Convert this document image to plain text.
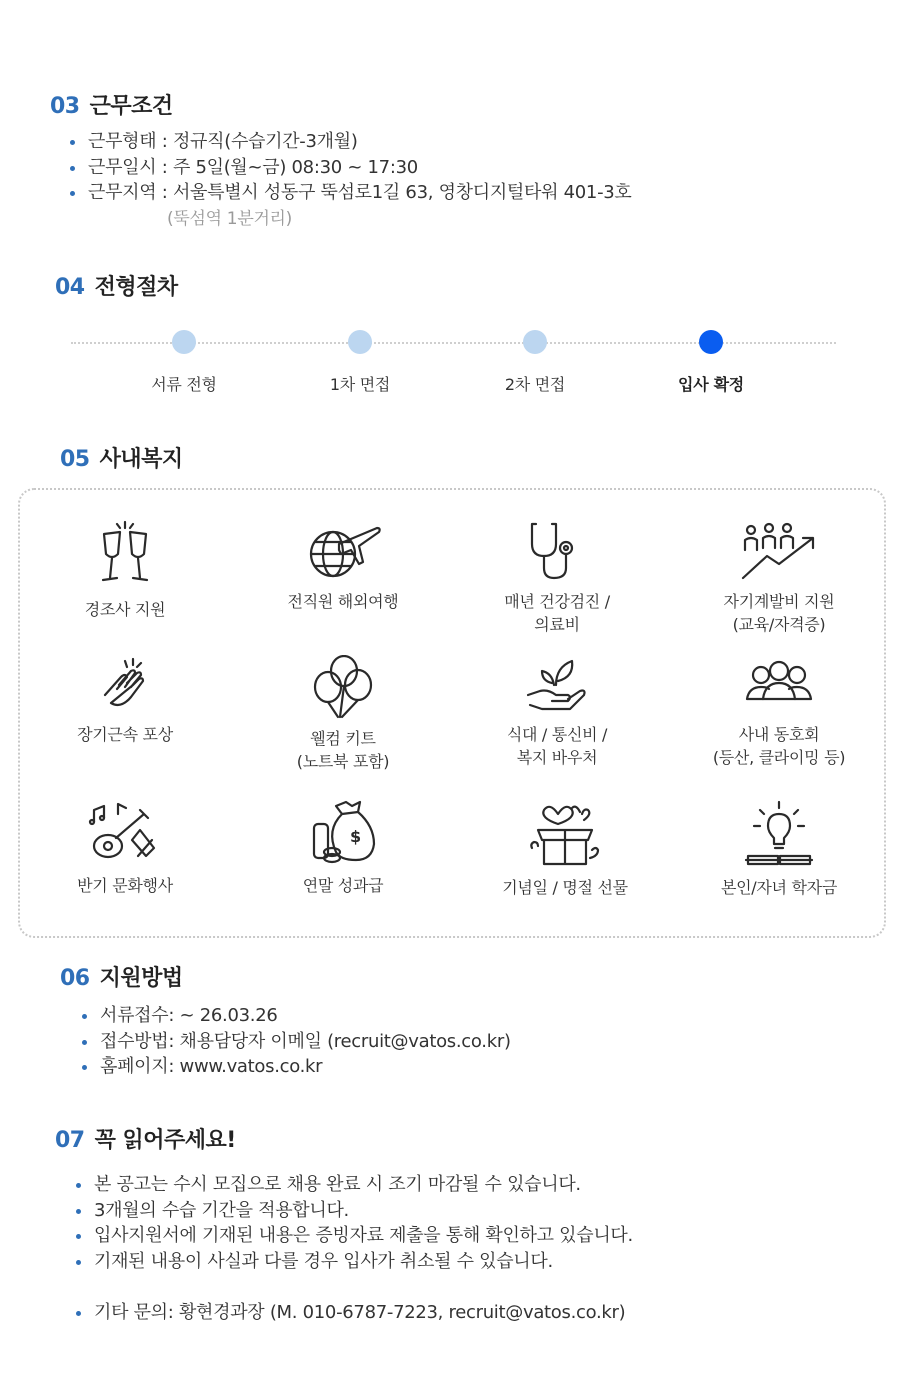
03 근무조건
근무형태 : 정규직(수습기간-3개월)
근무일시 : 주 5일(월~금) 08:30 ~ 17:30
근무지역 : 서울특별시 성동구 뚝섬로1길 63, 영창디지털타워 401-3호
(뚝섬역 1분거리)
04 전형절차
서류 전형	1차 면접	2차 면접	입사 확정
05 사내복지
경조사 지원	전직원 해외여행	매년 건강검진 /
의료비
자기계발비 지원
(교육/자격증)
장기근속 포상	웰컴 키트
(노트북 포함)
식대 / 통신비 /
복지 바우처
사내 동호회
(등산, 클라이밍 등)
반기 문화행사
$
연말 성과급	기념일 / 명절 선물	본인/자녀 학자금
06 지원방법
서류접수: ~ 26.03.26
접수방법: 채용담당자 이메일 (recruit@vatos.co.kr)
홈페이지: www.vatos.co.kr
07 꼭 읽어주세요!
본 공고는 수시 모집으로 채용 완료 시 조기 마감될 수 있습니다.
3개월의 수습 기간을 적용합니다.
입사지원서에 기재된 내용은 증빙자료 제출을 통해 확인하고 있습니다.
기재된 내용이 사실과 다를 경우 입사가 취소될 수 있습니다.
기타 문의: 황현경과장 (M. 010-6787-7223, recruit@vatos.co.kr)
